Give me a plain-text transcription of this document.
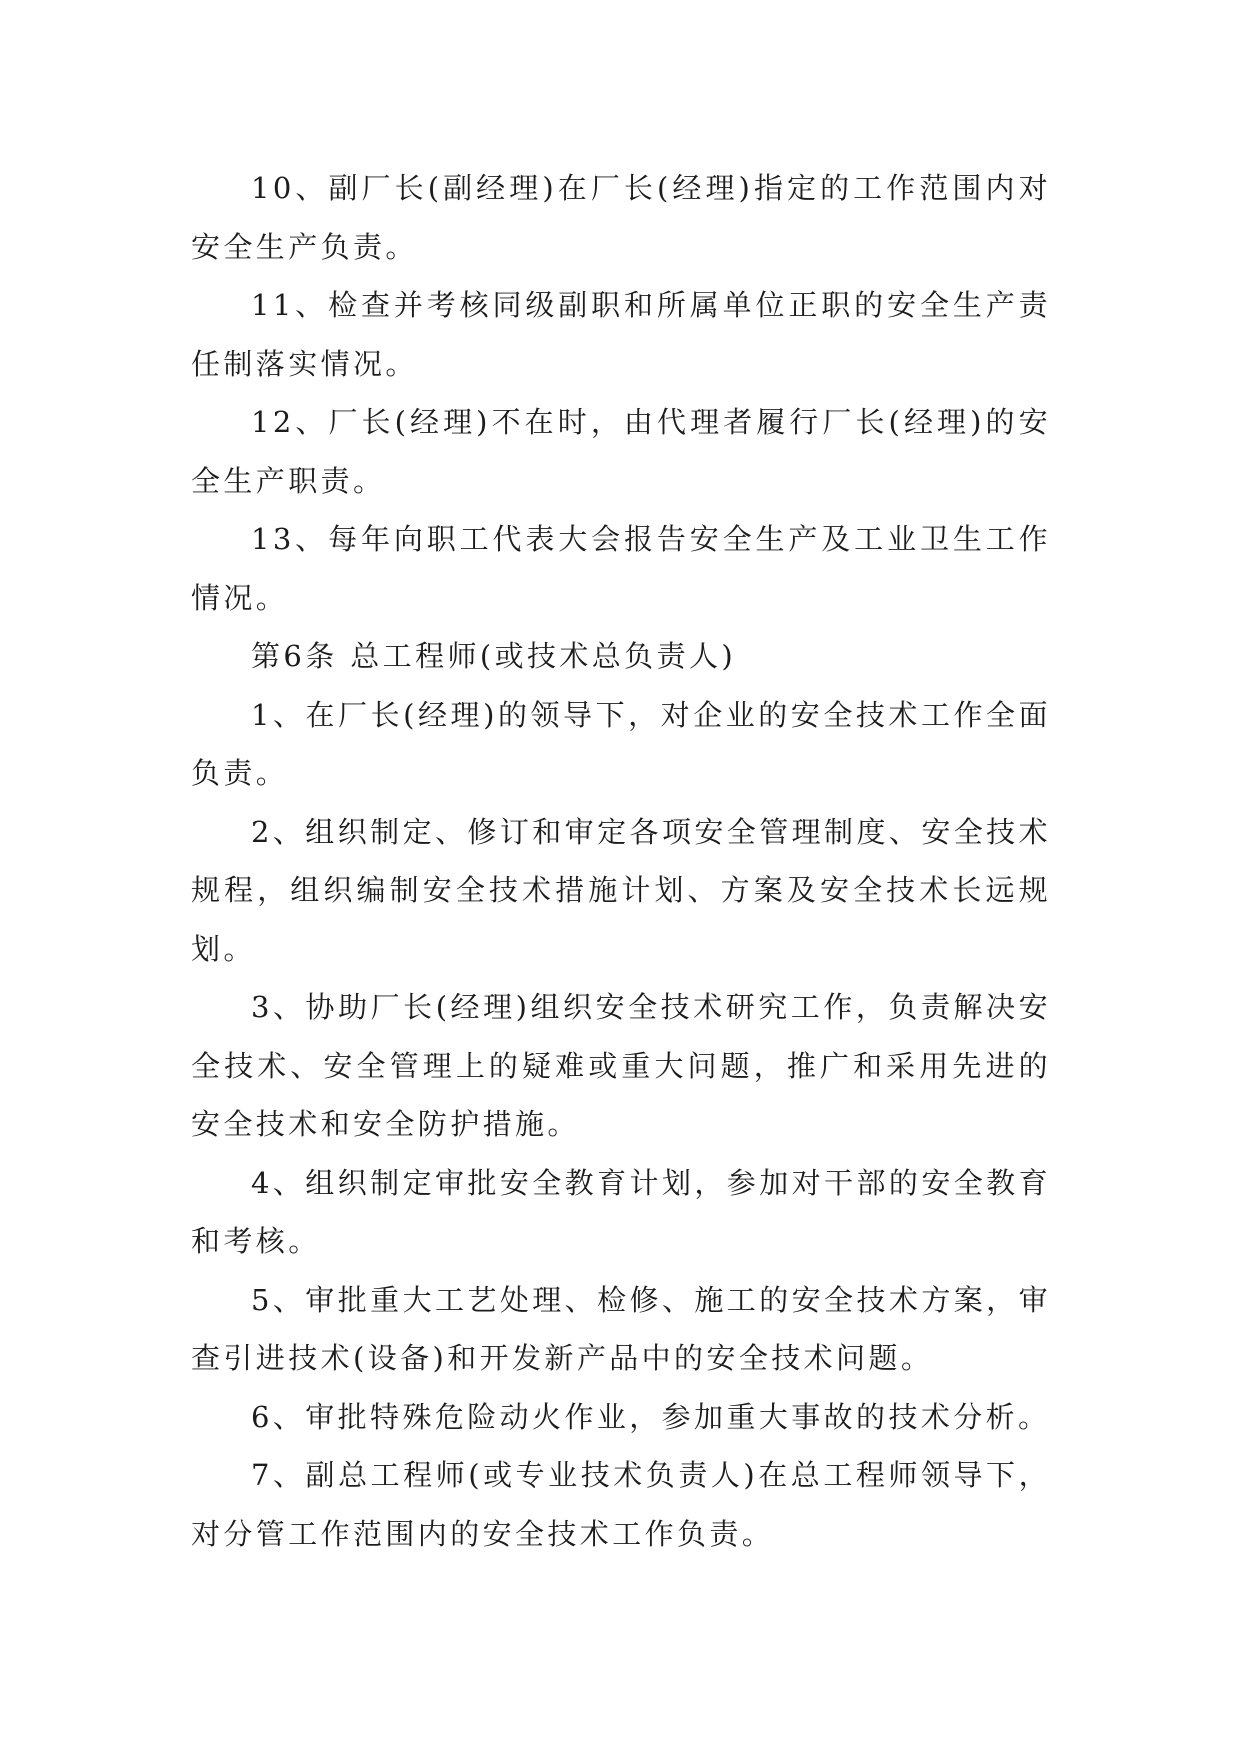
10、副厂长(副经理)在厂长(经理)指定的工作范围内对安全生产负责。

11、检查并考核同级副职和所属单位正职的安全生产责任制落实情况。

12、厂长(经理)不在时，由代理者履行厂长(经理)的安全生产职责。

13、每年向职工代表大会报告安全生产及工业卫生工作情况。

第6条 总工程师(或技术总负责人)

1、在厂长(经理)的领导下，对企业的安全技术工作全面负责。

2、组织制定、修订和审定各项安全管理制度、安全技术规程，组织编制安全技术措施计划、方案及安全技术长远规划。

3、协助厂长(经理)组织安全技术研究工作，负责解决安全技术、安全管理上的疑难或重大问题，推广和采用先进的安全技术和安全防护措施。

4、组织制定审批安全教育计划，参加对干部的安全教育和考核。

5、审批重大工艺处理、检修、施工的安全技术方案，审查引进技术(设备)和开发新产品中的安全技术问题。

6、审批特殊危险动火作业，参加重大事故的技术分析。

7、副总工程师(或专业技术负责人)在总工程师领导下，对分管工作范围内的安全技术工作负责。
